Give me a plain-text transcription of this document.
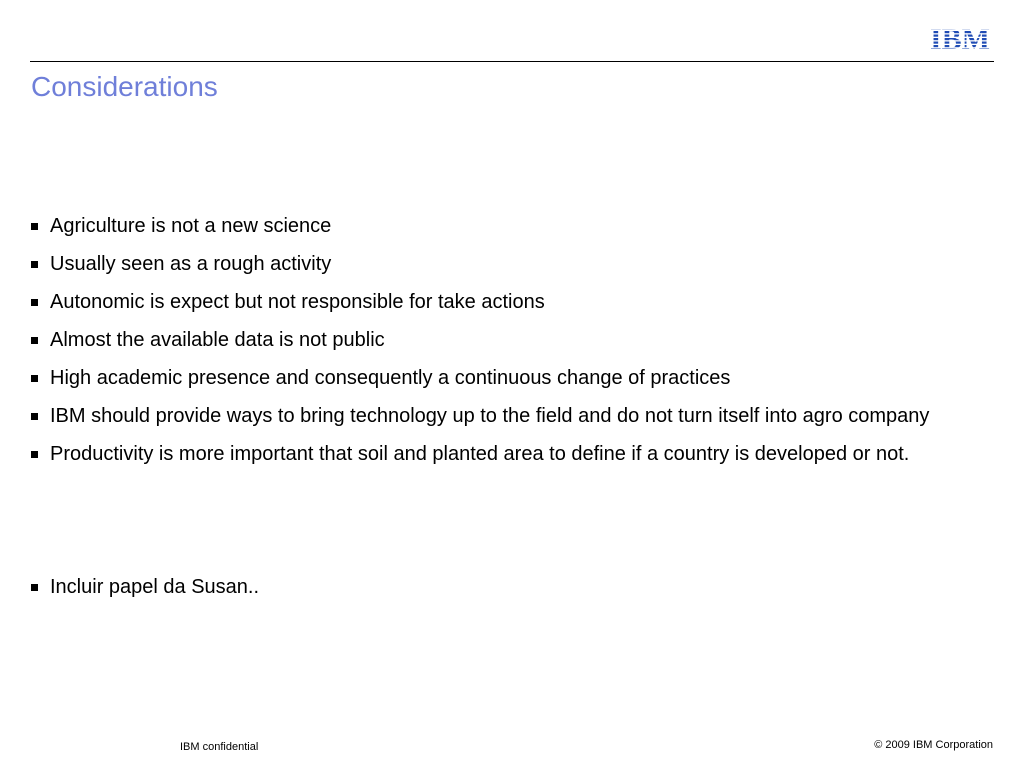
IBM
Considerations
Agriculture is not a new science
Usually seen as a rough activity
Autonomic is expect but not responsible for take actions
Almost the available data is not public
High academic presence and consequently a continuous change of practices
IBM should provide ways to bring technology up to the field and do not turn itself into agro company
Productivity is more important that soil and planted area to define if a country is developed or not.
Incluir papel da Susan..
IBM confidential	© 2009 IBM Corporation
